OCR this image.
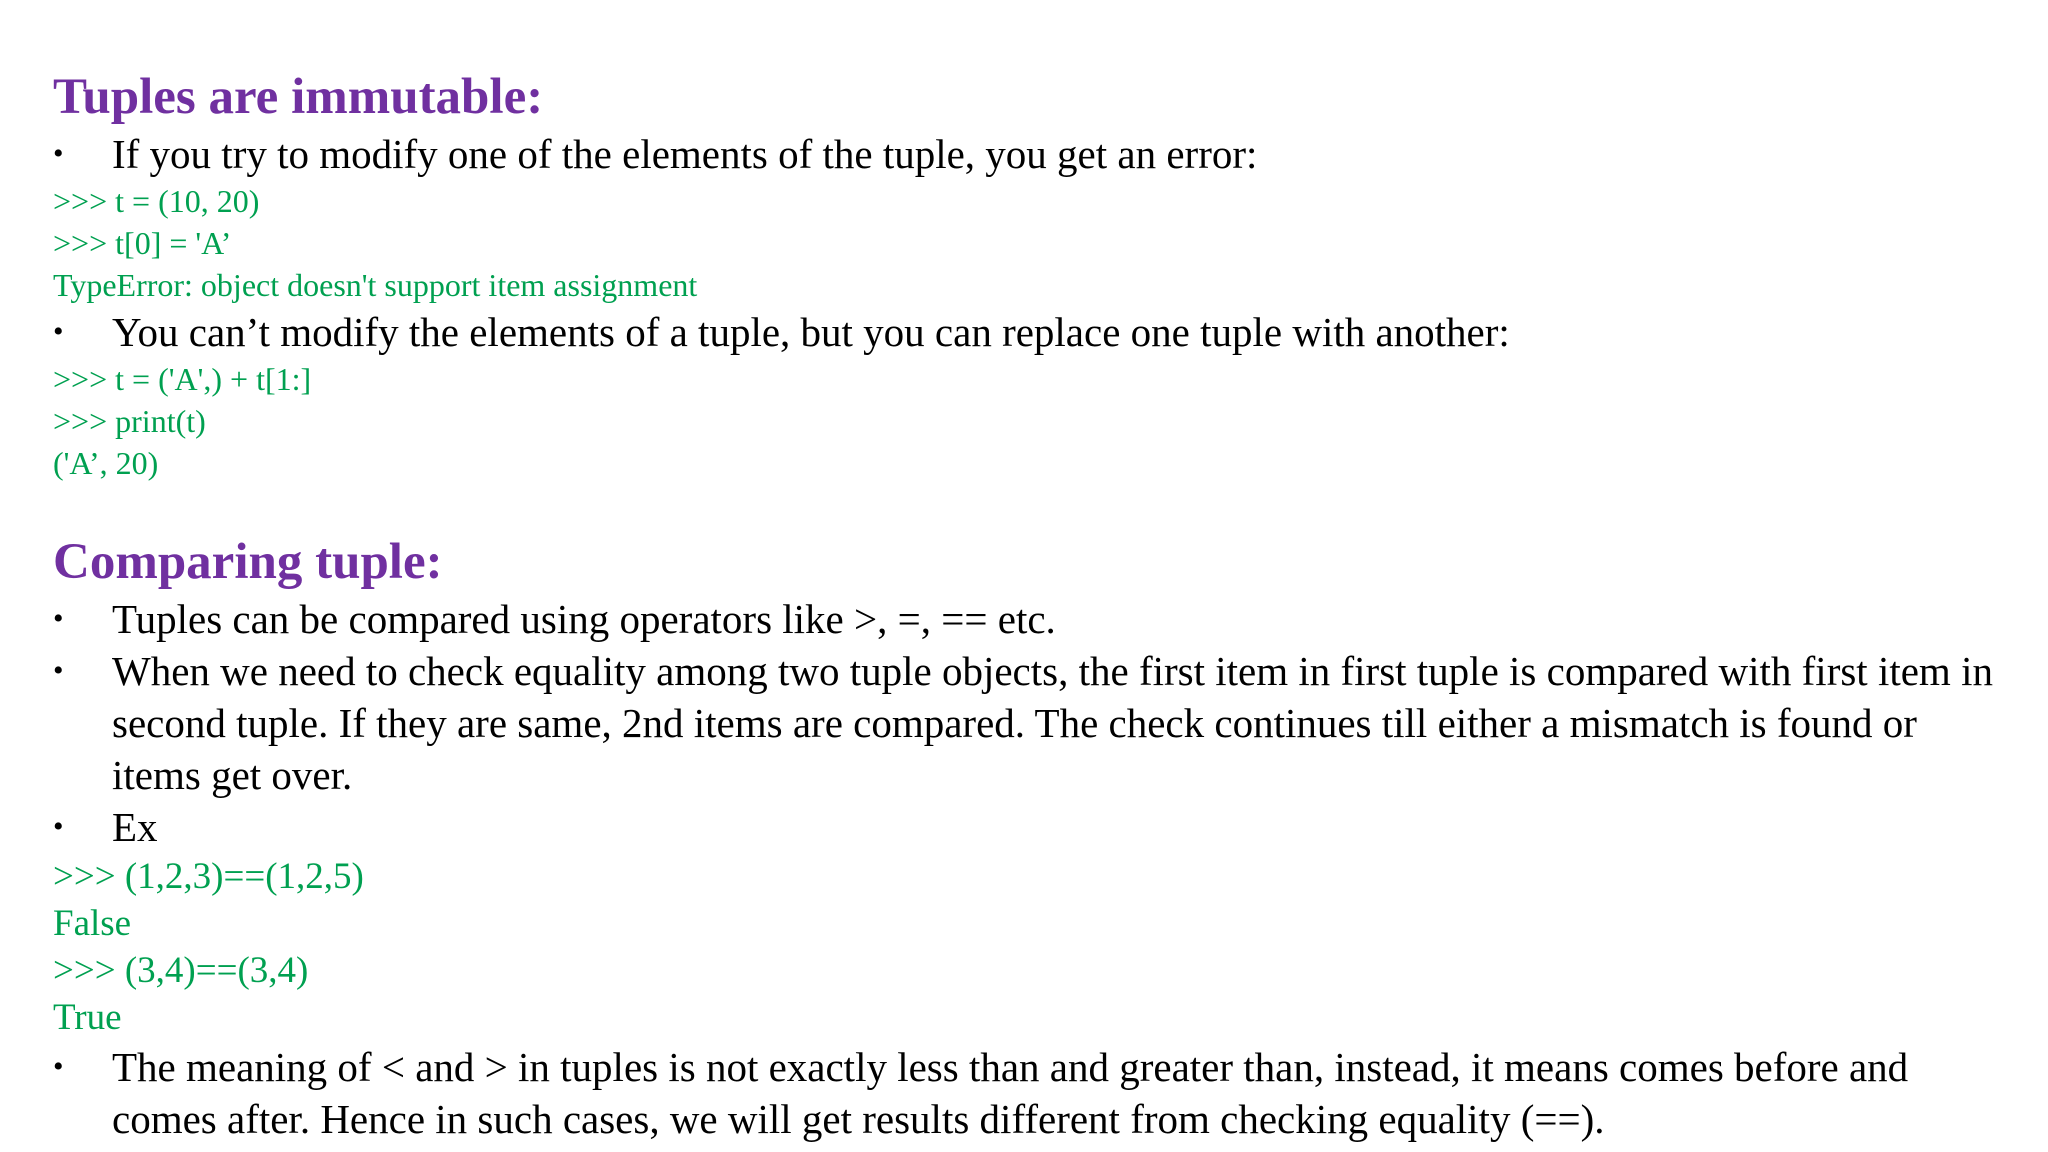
Tuples are immutable:
• If you try to modify one of the elements of the tuple, you get an error:
>>> t = (10, 20)
>>> t[0] = 'A’
TypeError: object doesn't support item assignment
• You can’t modify the elements of a tuple, but you can replace one tuple with another:
>>> t = ('A',) + t[1:]
>>> print(t)
('A’, 20)
Comparing tuple:
• Tuples can be compared using operators like >, =, == etc.
• When we need to check equality among two tuple objects, the first item in first tuple is compared with first item in second tuple. If they are same, 2nd items are compared. The check continues till either a mismatch is found or items get over.
• Ex
>>> (1,2,3)==(1,2,5)
False
>>> (3,4)==(3,4)
True
• The meaning of < and > in tuples is not exactly less than and greater than, instead, it means comes before and comes after. Hence in such cases, we will get results different from checking equality (==).
